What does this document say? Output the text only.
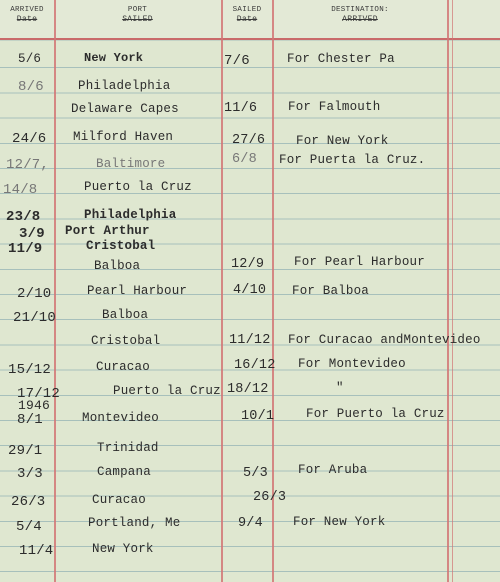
ARRIVED
Date
PORT
SAILED
SAILED
Date
DESTINATION:
ARRIVED
5/6	New York	7/6	For Chester Pa
8/6	Philadelphia
Delaware Capes	11/6 For Falmouth
24/6 Milford Haven	27/6 For New York
12/7,	Baltimore	6/8 For Puerta la Cruz.
14/8	Puerto la Cruz
23/8	Philadelphia
3/9 Port Arthur
11/9	Cristobal
Balboa	12/9 For Pearl Harbour
2/10	Pearl Harbour	4/10 For Balboa
21/10	Balboa
Cristobal	11/12 For Curacao andMontevideo
15/12	Curacao	16/12 For Montevideo
17/12	Puerto la Cruz 18/12	"
1946
8/1	Montevideo	10/1	For Puerto la Cruz
29/1	Trinidad
3/3	Campana	5/3 For Aruba
26/3	Curacao	26/3
5/4	Portland, Me	9/4 For New York
11/4	New York
